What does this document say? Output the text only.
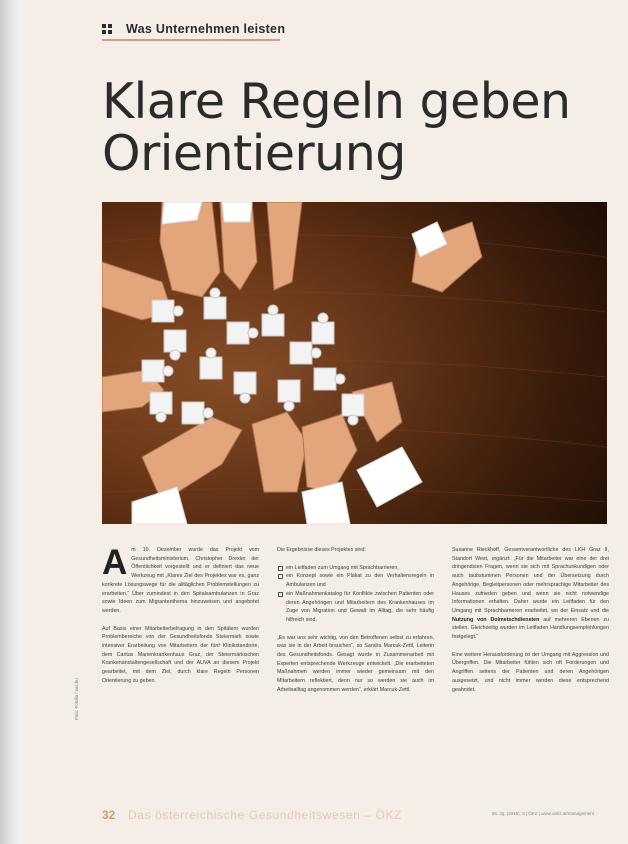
Was Unternehmen leisten
Klare Regeln geben
Orientierung

Am 10. Dezember wurde das Projekt vom Gesundheitsministerium, Christopher Drexler der Öffentlichkeit vorgestellt und er definiert das neue Werkzeug mit „Klares Ziel des Projektes war es, ganz konkrete Lösungswege für die alltäglichen Problemstellungen zu erarbeiten.“ Über zumindest in den Spitalsambulanzen in Graz sowie Ideen zum Migrantenthema hinzuweisen und angebotet werden.

Auf Basis einer Mitarbeiterbefragung in den Spitälern wurden Problembereiche von der Gesundheitsfonds Steiermark sowie intensiver Erarbeitung von Mitarbeitern der fünf Klinikstandorte, dem Caritas Marienkrankenhaus Graz, der Steiermärkischen Krankenanstaltengesellschaft und der AUVA an diesem Projekt gearbeitet, mit dem Ziel, durch klare Regeln Personen Orientierung zu geben.

Die Ergebnisse dieses Projektes sind:

ein Leitfaden zum Umgang mit Sprachbarrieren,
ein Konzept sowie ein Plakat zu den Verhaltensregeln in Ambulanzen und
ein Maßnahmenkatalog für Konflikte zwischen Patienten oder deren Angehörigen und Mitarbeitern des Krankenhauses im Zuge von Migration und Gewalt im Alltag, die sehr häufig hilfreich sind.

„Es war uns sehr wichtig, von den Betroffenen selbst zu erfahren, was sie in der Arbeit brauchen“, so Sandra Marcuk-Zettl, Leiterin des Gesundheitsfonds. Gesagt wurde in Zusammenarbeit mit Experten entsprechende Werkzeuge entwickelt. „Die erarbeiteten Maßnahmen werden immer wieder gemeinsam mit den Mitarbeitern reflektiert, denn nur so werden sie auch im Arbeitsalltag angenommen werden“, erklärt Marcuk-Zettl.

Susanne Rieckhoff, Gesamtverantwortliche des LKH Graz II, Standort West, ergänzt: „Für die Mitarbeiter war eine der drei dringendsten Fragen, wenn sie sich mit Sprachunkundigen oder auch taubstummen Personen und der Übersetzung durch Angehörige, Begleitpersonen oder mehrsprachige Mitarbeiter des Hauses zufrieden geben und wenn sie nicht notwendige Informationen erhalten. Daher wurde ein Leitfaden für den Umgang mit Sprachbarrieren erarbeitet, wo der Einsatz und die Nutzung von Dolmetschdiensten auf mehreren Ebenen zu stellen. Gleichzeitig wurden im Leitfaden Handlungsempfehlungen festgelegt.“

Eine weitere Herausforderung ist der Umgang mit Aggression und Übergriffen. Die Mitarbeiter fühlen sich oft Forderungen und Angriffen seitens der Patienten und deren Angehörigen ausgesetzt, und nicht immer werden diese entsprechend geahndet.

Foto: Fotolia / sxc.hu
32 Das österreichische Gesundheitswesen – ÖKZ	56. Jg. (2015), 3 | ÖKZ | www.oekz.at/management
